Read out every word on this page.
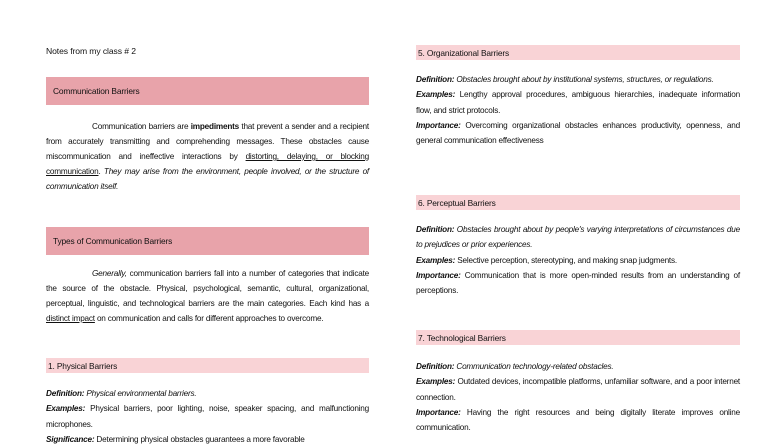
Notes from my class # 2
Communication Barriers

Communication barriers are impediments that prevent a sender and a recipient from accurately transmitting and comprehending messages. These obstacles cause miscommunication and ineffective interactions by distorting, delaying, or blocking communication. They may arise from the environment, people involved, or the structure of communication itself.

Types of Communication Barriers

Generally, communication barriers fall into a number of categories that indicate the source of the obstacle. Physical, psychological, semantic, cultural, organizational, perceptual, linguistic, and technological barriers are the main categories. Each kind has a distinct impact on communication and calls for different approaches to overcome.

1. Physical Barriers

Definition: Physical environmental barriers.

Examples: Physical barriers, poor lighting, noise, speaker spacing, and malfunctioning microphones.

Significance: Determining physical obstacles guarantees a more favorable

5. Organizational Barriers

Definition: Obstacles brought about by institutional systems, structures, or regulations.

Examples: Lengthy approval procedures, ambiguous hierarchies, inadequate information flow, and strict protocols.

Importance: Overcoming organizational obstacles enhances productivity, openness, and general communication effectiveness

6. Perceptual Barriers

Definition: Obstacles brought about by people's varying interpretations of circumstances due to prejudices or prior experiences.

Examples: Selective perception, stereotyping, and making snap judgments.

Importance: Communication that is more open-minded results from an understanding of perceptions.

7. Technological Barriers

Definition: Communication technology-related obstacles.

Examples: Outdated devices, incompatible platforms, unfamiliar software, and a poor internet connection.

Importance: Having the right resources and being digitally literate improves online communication.
